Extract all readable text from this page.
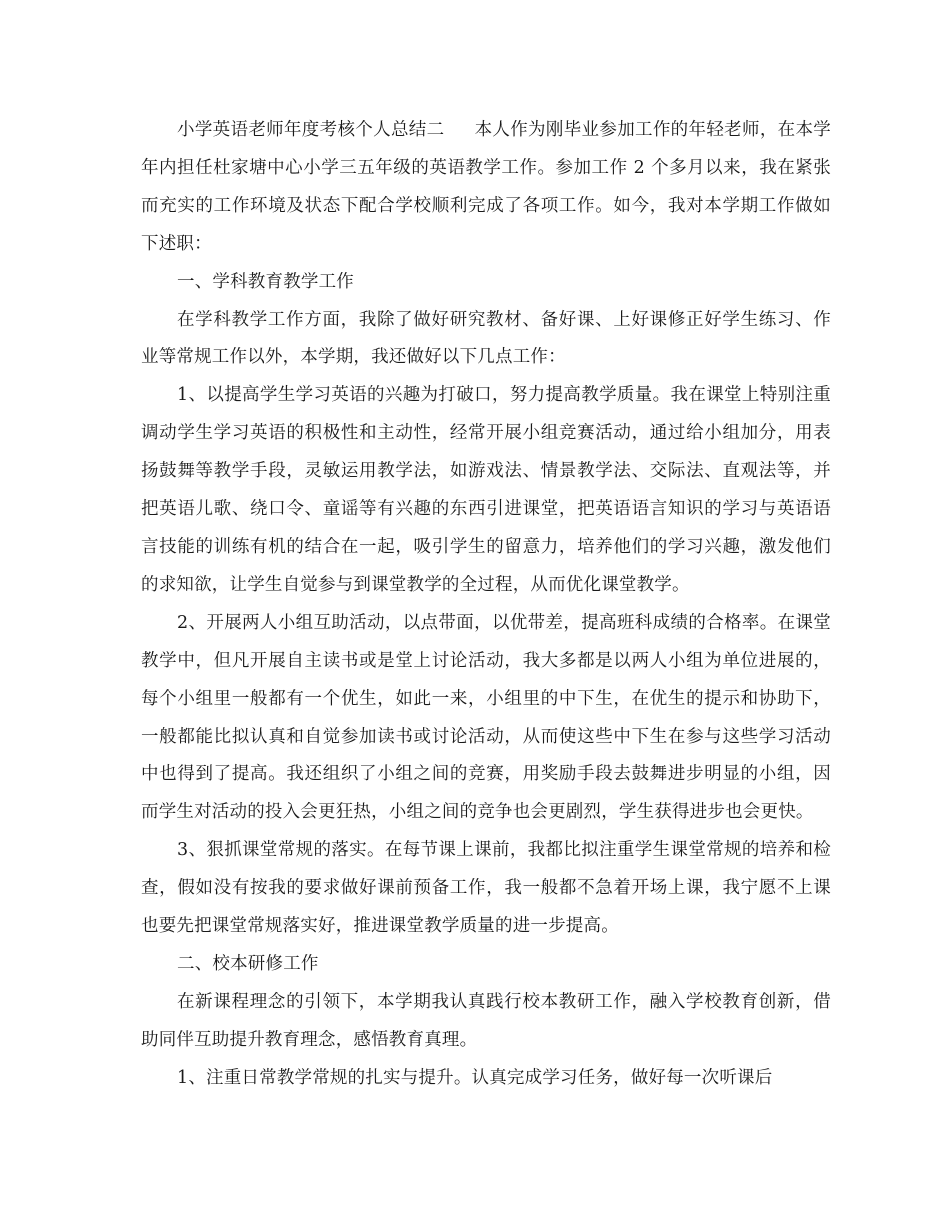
小学英语老师年度考核个人总结二 本人作为刚毕业参加工作的年轻老师，在本学年内担任杜家塘中心小学三五年级的英语教学工作。参加工作 2 个多月以来，我在紧张而充实的工作环境及状态下配合学校顺利完成了各项工作。如今，我对本学期工作做如下述职：

一、学科教育教学工作

在学科教学工作方面，我除了做好研究教材、备好课、上好课修正好学生练习、作业等常规工作以外，本学期，我还做好以下几点工作：

1、以提高学生学习英语的兴趣为打破口，努力提高教学质量。我在课堂上特别注重调动学生学习英语的积极性和主动性，经常开展小组竞赛活动，通过给小组加分，用表扬鼓舞等教学手段，灵敏运用教学法，如游戏法、情景教学法、交际法、直观法等，并把英语儿歌、绕口令、童谣等有兴趣的东西引进课堂，把英语语言知识的学习与英语语言技能的训练有机的结合在一起，吸引学生的留意力，培养他们的学习兴趣，激发他们的求知欲，让学生自觉参与到课堂教学的全过程，从而优化课堂教学。

2、开展两人小组互助活动，以点带面，以优带差，提高班科成绩的合格率。在课堂教学中，但凡开展自主读书或是堂上讨论活动，我大多都是以两人小组为单位进展的，每个小组里一般都有一个优生，如此一来，小组里的中下生，在优生的提示和协助下，一般都能比拟认真和自觉参加读书或讨论活动，从而使这些中下生在参与这些学习活动中也得到了提高。我还组织了小组之间的竞赛，用奖励手段去鼓舞进步明显的小组，因而学生对活动的投入会更狂热，小组之间的竞争也会更剧烈，学生获得进步也会更快。

3、狠抓课堂常规的落实。在每节课上课前，我都比拟注重学生课堂常规的培养和检查，假如没有按我的要求做好课前预备工作，我一般都不急着开场上课，我宁愿不上课也要先把课堂常规落实好，推进课堂教学质量的进一步提高。

二、校本研修工作

在新课程理念的引领下，本学期我认真践行校本教研工作，融入学校教育创新，借助同伴互助提升教育理念，感悟教育真理。

1、注重日常教学常规的扎实与提升。认真完成学习任务，做好每一次听课后
